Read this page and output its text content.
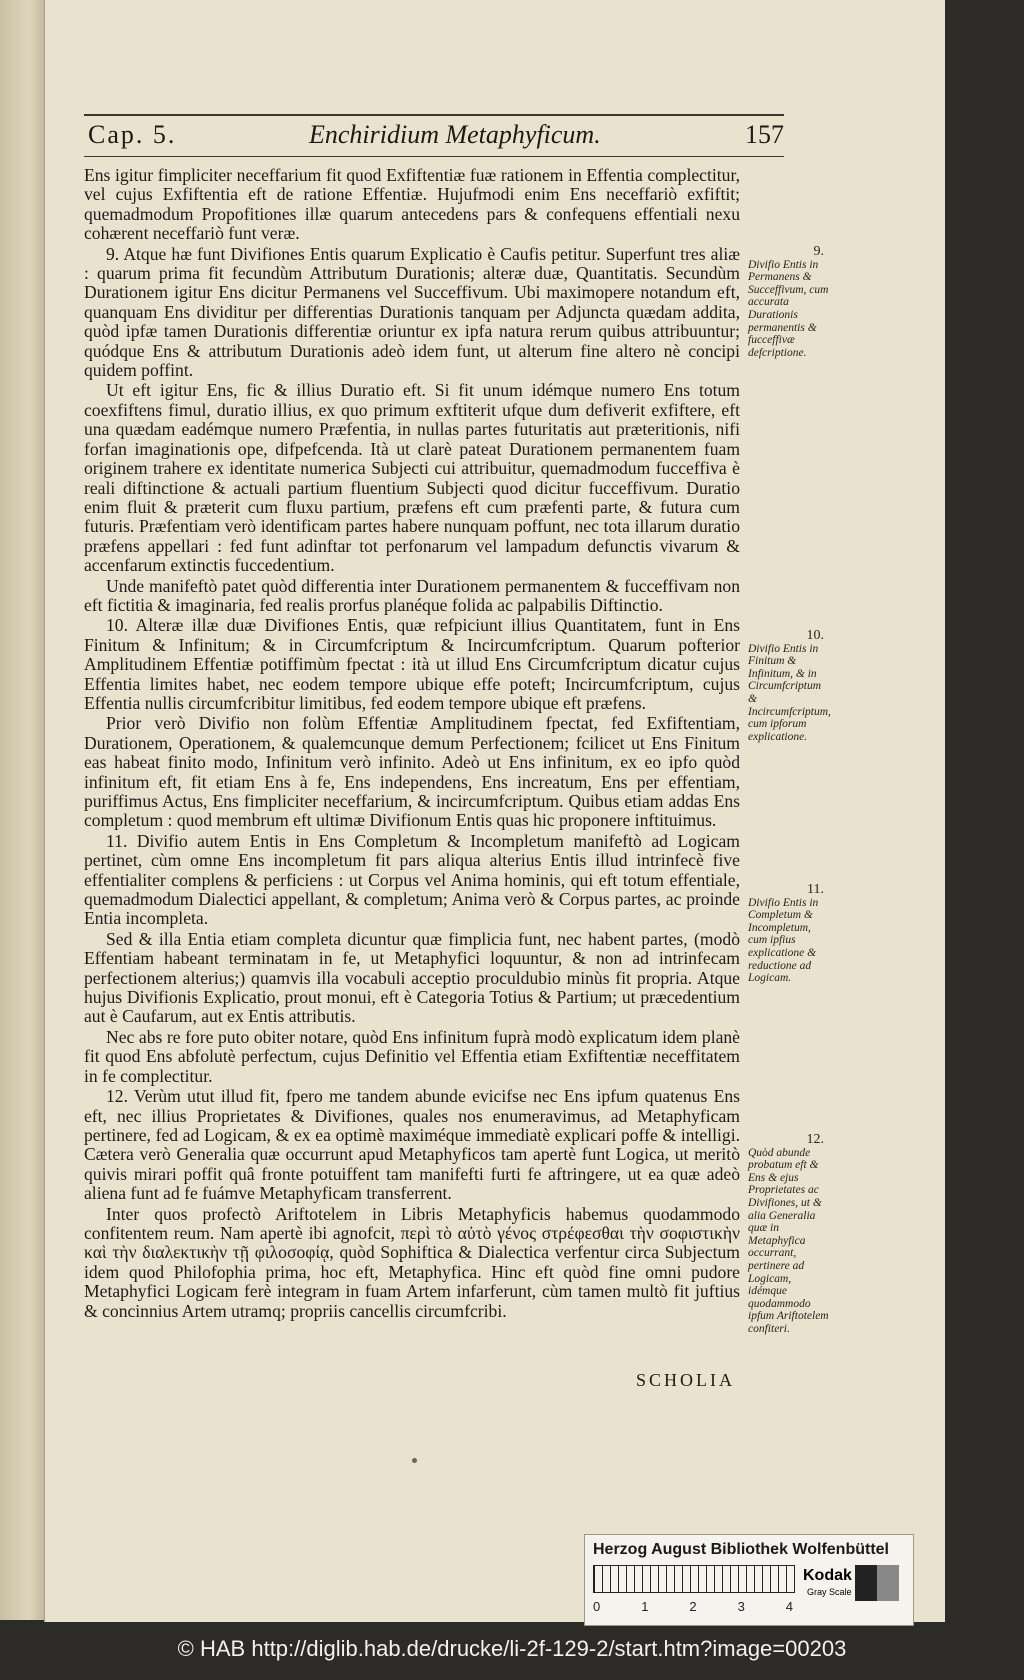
Cap. 5.	Enchiridium Metaphyficum.	157

Ens igitur fimpliciter neceffarium fit quod Exfiftentiæ fuæ rationem in Effentia complectitur, vel cujus Exfiftentia eft de ratione Effentiæ. Hujufmodi enim Ens neceffariò exfiftit; quemadmodum Propofitiones illæ quarum antecedens pars & confequens effentiali nexu cohærent neceffariò funt veræ.

9. Atque hæ funt Divifiones Entis quarum Explicatio è Caufis petitur. Superfunt tres aliæ : quarum prima fit fecundùm Attributum Durationis; alteræ duæ, Quantitatis. Secundùm Durationem igitur Ens dicitur Permanens vel Succeffivum. Ubi maximopere notandum eft, quanquam Ens dividitur per differentias Durationis tanquam per Adjuncta quædam addita, quòd ipfæ tamen Durationis differentiæ oriuntur ex ipfa natura rerum quibus attribuuntur; quódque Ens & attributum Durationis adeò idem funt, ut alterum fine altero nè concipi quidem poffint.

Ut eft igitur Ens, fic & illius Duratio eft. Si fit unum idémque numero Ens totum coexfiftens fimul, duratio illius, ex quo primum exftiterit ufque dum defiverit exfiftere, eft una quædam eadémque numero Præfentia, in nullas partes futuritatis aut præteritionis, nifi forfan imaginationis ope, difpefcenda. Ità ut clarè pateat Durationem permanentem fuam originem trahere ex identitate numerica Subjecti cui attribuitur, quemadmodum fucceffiva è reali diftinctione & actuali partium fluentium Subjecti quod dicitur fucceffivum. Duratio enim fluit & præterit cum fluxu partium, præfens eft cum præfenti parte, & futura cum futuris. Præfentiam verò identificam partes habere nunquam poffunt, nec tota illarum duratio præfens appellari : fed funt adinftar tot perfonarum vel lampadum defunctis vivarum & accenfarum extinctis fuccedentium.

Unde manifeftò patet quòd differentia inter Durationem permanentem & fucceffivam non eft fictitia & imaginaria, fed realis prorfus planéque folida ac palpabilis Diftinctio.

10. Alteræ illæ duæ Divifiones Entis, quæ refpiciunt illius Quantitatem, funt in Ens Finitum & Infinitum; & in Circumfcriptum & Incircumfcriptum. Quarum pofterior Amplitudinem Effentiæ potiffimùm fpectat : ità ut illud Ens Circumfcriptum dicatur cujus Effentia limites habet, nec eodem tempore ubique effe poteft; Incircumfcriptum, cujus Effentia nullis circumfcribitur limitibus, fed eodem tempore ubique eft præfens.

Prior verò Divifio non folùm Effentiæ Amplitudinem fpectat, fed Exfiftentiam, Durationem, Operationem, & qualemcunque demum Perfectionem; fcilicet ut Ens Finitum eas habeat finito modo, Infinitum verò infinito. Adeò ut Ens infinitum, ex eo ipfo quòd infinitum eft, fit etiam Ens à fe, Ens independens, Ens increatum, Ens per effentiam, puriffimus Actus, Ens fimpliciter neceffarium, & incircumfcriptum. Quibus etiam addas Ens completum : quod membrum eft ultimæ Divifionum Entis quas hic proponere inftituimus.

11. Divifio autem Entis in Ens Completum & Incompletum manifeftò ad Logicam pertinet, cùm omne Ens incompletum fit pars aliqua alterius Entis illud intrinfecè five effentialiter complens & perficiens : ut Corpus vel Anima hominis, qui eft totum effentiale, quemadmodum Dialectici appellant, & completum; Anima verò & Corpus partes, ac proinde Entia incompleta.

Sed & illa Entia etiam completa dicuntur quæ fimplicia funt, nec habent partes, (modò Effentiam habeant terminatam in fe, ut Metaphyfici loquuntur, & non ad intrinfecam perfectionem alterius;) quamvis illa vocabuli acceptio proculdubio minùs fit propria. Atque hujus Divifionis Explicatio, prout monui, eft è Categoria Totius & Partium; ut præcedentium aut è Caufarum, aut ex Entis attributis.

Nec abs re fore puto obiter notare, quòd Ens infinitum fuprà modò explicatum idem planè fit quod Ens abfolutè perfectum, cujus Definitio vel Effentia etiam Exfiftentiæ neceffitatem in fe complectitur.

12. Verùm utut illud fit, fpero me tandem abunde evicifse nec Ens ipfum quatenus Ens eft, nec illius Proprietates & Divifiones, quales nos enumeravimus, ad Metaphyficam pertinere, fed ad Logicam, & ex ea optimè maximéque immediatè explicari poffe & intelligi. Cætera verò Generalia quæ occurrunt apud Metaphyficos tam apertè funt Logica, ut meritò quivis mirari poffit quâ fronte potuiffent tam manifefti furti fe aftringere, ut ea quæ adeò aliena funt ad fe fuámve Metaphyficam transferrent.

Inter quos profectò Ariftotelem in Libris Metaphyficis habemus quodammodo confitentem reum. Nam apertè ibi agnofcit, περὶ τὸ αὐτὸ γένος στρέφεσθαι τὴν σοφιστικὴν καὶ τὴν διαλεκτικὴν τῇ φιλοσοφίᾳ, quòd Sophiftica & Dialectica verfentur circa Subjectum idem quod Philofophia prima, hoc eft, Metaphyfica. Hinc eft quòd fine omni pudore Metaphyfici Logicam ferè integram in fuam Artem infarferunt, cùm tamen multò fit juftius & concinnius Artem utramq; propriis cancellis circumfcribi.

9.
Divifio Entis in Permanens & Succeffivum, cum accurata Durationis permanentis & fucceffivæ defcriptione.
10.
Divifio Entis in Finitum & Infinitum, & in Circumfcriptum & Incircumfcriptum, cum ipforum explicatione.
11.
Divifio Entis in Completum & Incompletum, cum ipfius explicatione & reductione ad Logicam.
12.
Quòd abunde probatum eft & Ens & ejus Proprietates ac Divifiones, ut & alia Generalia quæ in Metaphyfica occurrant, pertinere ad Logicam, idémque quodammodo ipfum Ariftotelem confiteri.
SCHOLIA
Herzog August Bibliothek Wolfenbüttel
0	1	2	3	4
Kodak
Gray Scale
© HAB http://diglib.hab.de/drucke/li-2f-129-2/start.htm?image=00203
